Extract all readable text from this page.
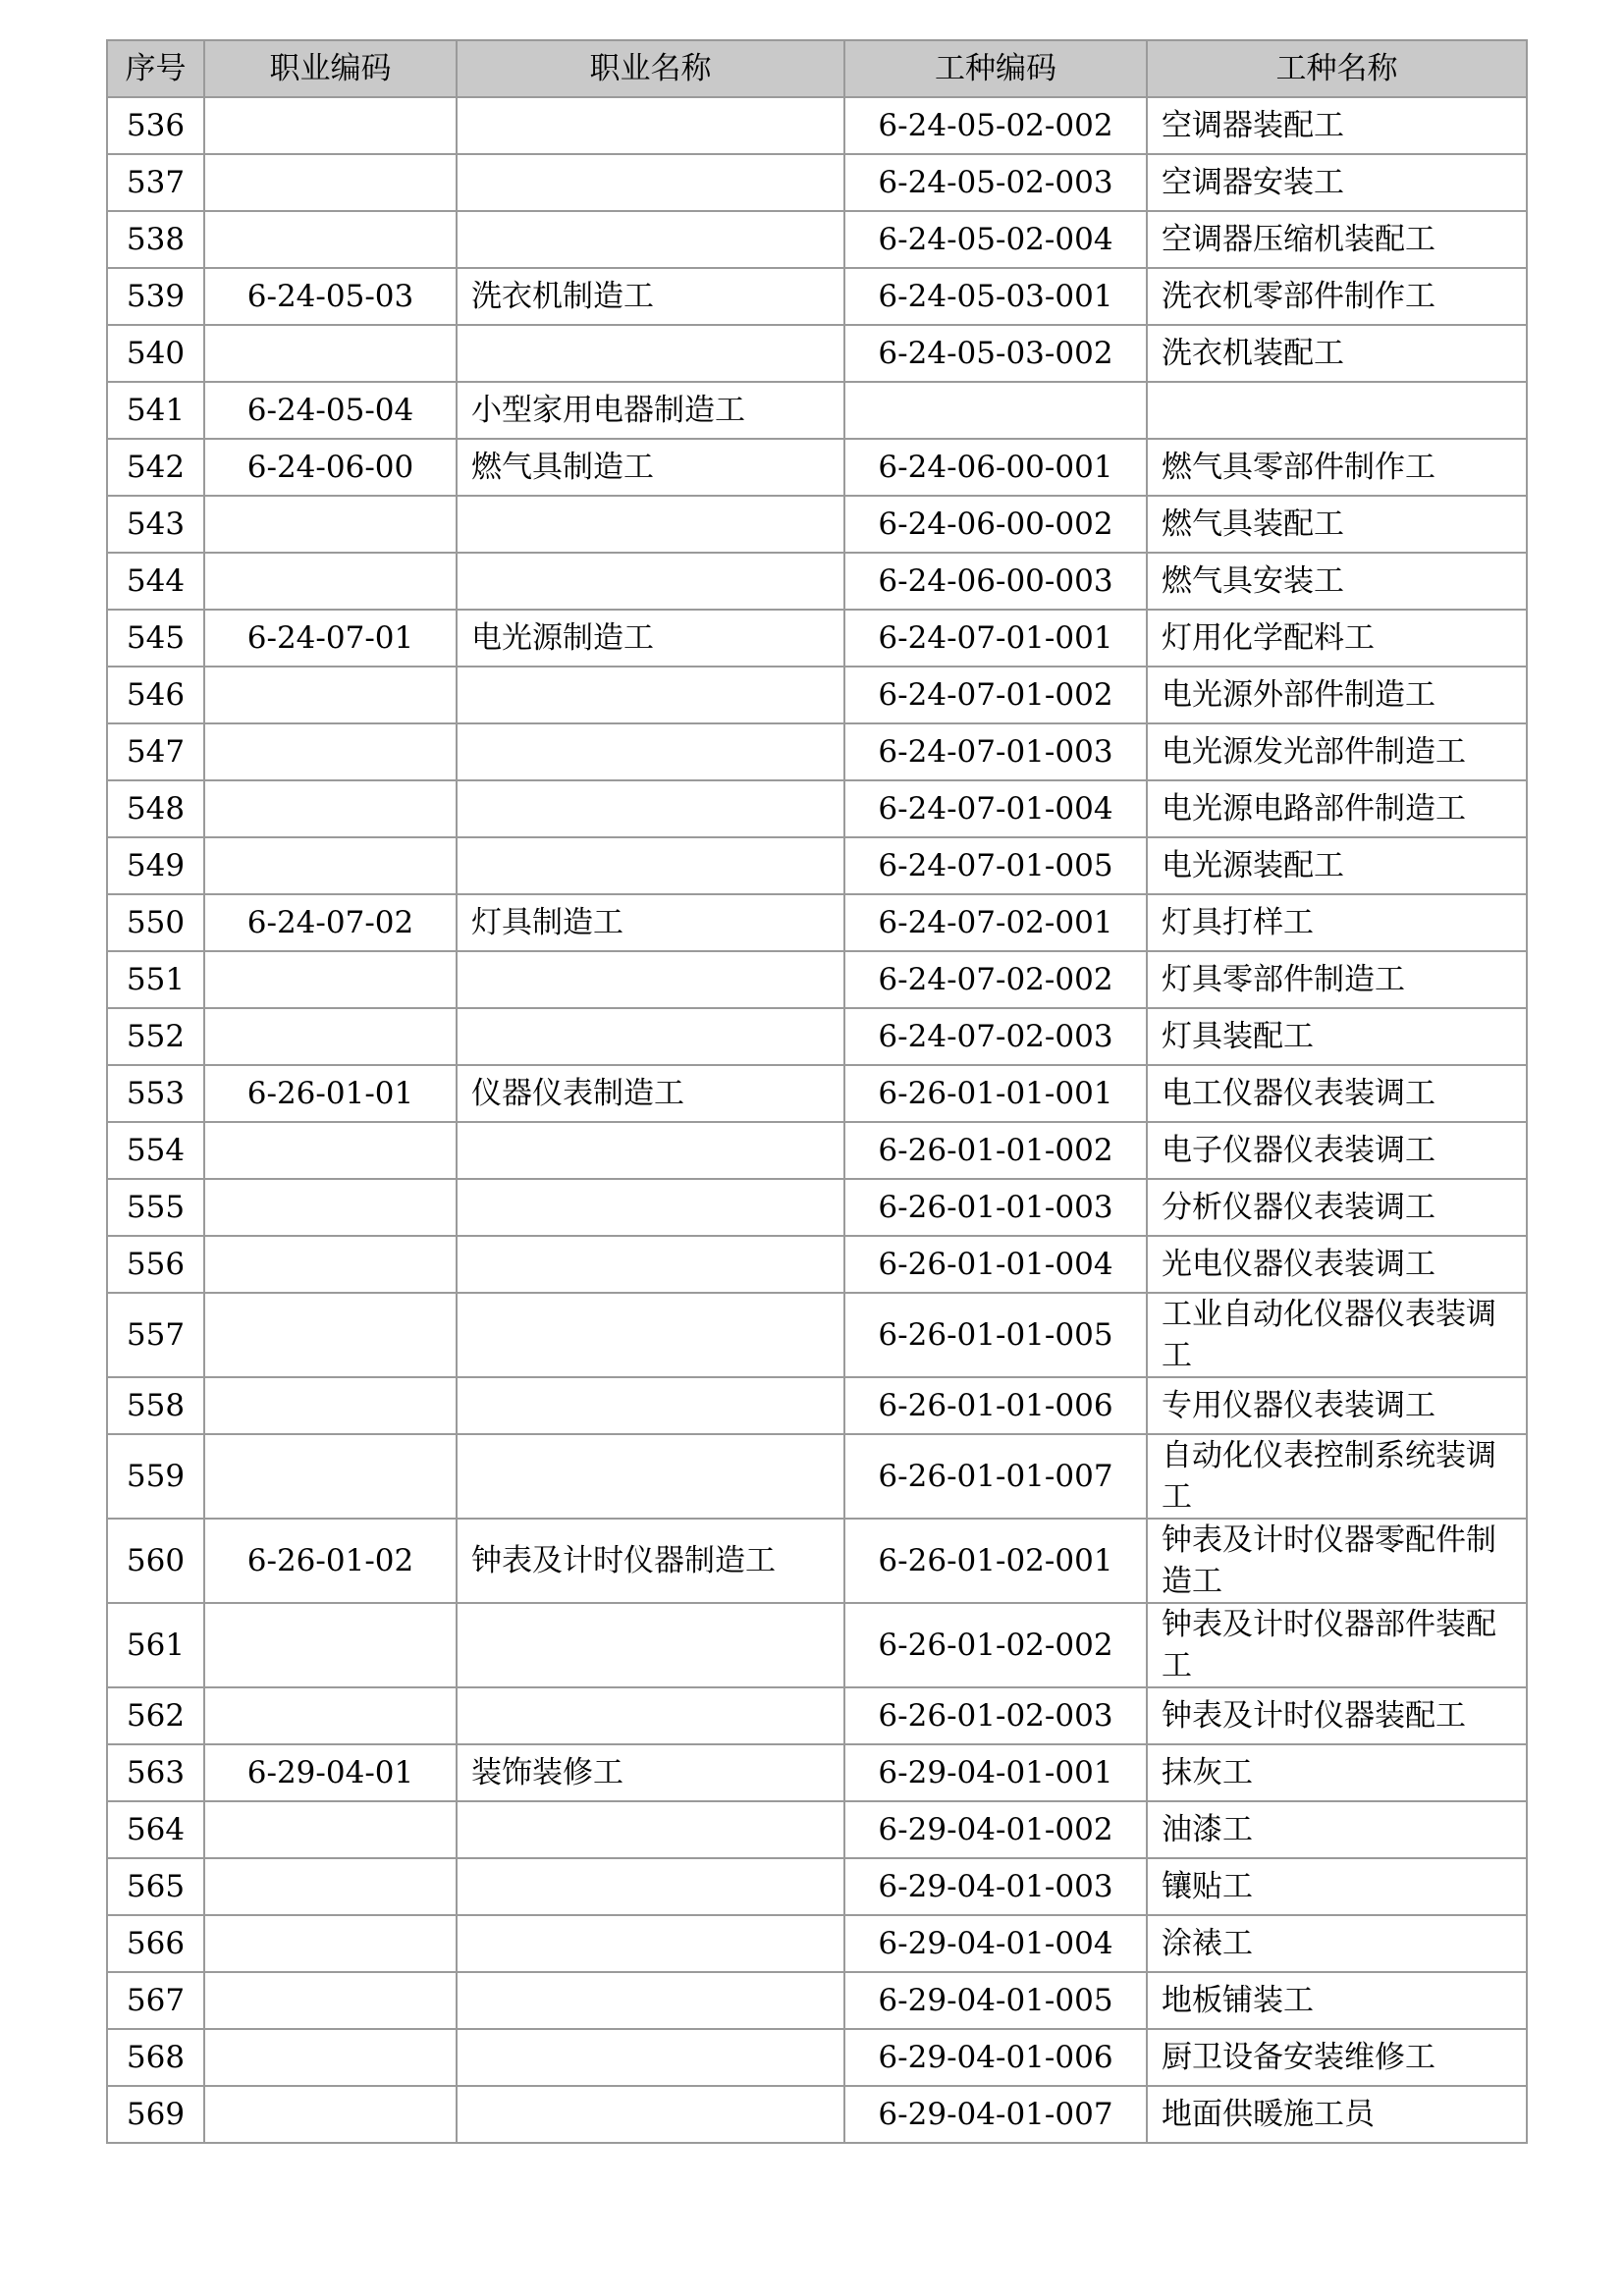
序号	职业编码	职业名称	工种编码	工种名称
536			6-24-05-02-002	空调器装配工
537			6-24-05-02-003	空调器安装工
538			6-24-05-02-004	空调器压缩机装配工
539	6-24-05-03	洗衣机制造工	6-24-05-03-001	洗衣机零部件制作工
540			6-24-05-03-002	洗衣机装配工
541	6-24-05-04	小型家用电器制造工		
542	6-24-06-00	燃气具制造工	6-24-06-00-001	燃气具零部件制作工
543			6-24-06-00-002	燃气具装配工
544			6-24-06-00-003	燃气具安装工
545	6-24-07-01	电光源制造工	6-24-07-01-001	灯用化学配料工
546			6-24-07-01-002	电光源外部件制造工
547			6-24-07-01-003	电光源发光部件制造工
548			6-24-07-01-004	电光源电路部件制造工
549			6-24-07-01-005	电光源装配工
550	6-24-07-02	灯具制造工	6-24-07-02-001	灯具打样工
551			6-24-07-02-002	灯具零部件制造工
552			6-24-07-02-003	灯具装配工
553	6-26-01-01	仪器仪表制造工	6-26-01-01-001	电工仪器仪表装调工
554			6-26-01-01-002	电子仪器仪表装调工
555			6-26-01-01-003	分析仪器仪表装调工
556			6-26-01-01-004	光电仪器仪表装调工
557			6-26-01-01-005	工业自动化仪器仪表装调工
558			6-26-01-01-006	专用仪器仪表装调工
559			6-26-01-01-007	自动化仪表控制系统装调工
560	6-26-01-02	钟表及计时仪器制造工	6-26-01-02-001	钟表及计时仪器零配件制造工
561			6-26-01-02-002	钟表及计时仪器部件装配工
562			6-26-01-02-003	钟表及计时仪器装配工
563	6-29-04-01	装饰装修工	6-29-04-01-001	抹灰工
564			6-29-04-01-002	油漆工
565			6-29-04-01-003	镶贴工
566			6-29-04-01-004	涂裱工
567			6-29-04-01-005	地板铺装工
568			6-29-04-01-006	厨卫设备安装维修工
569			6-29-04-01-007	地面供暖施工员
